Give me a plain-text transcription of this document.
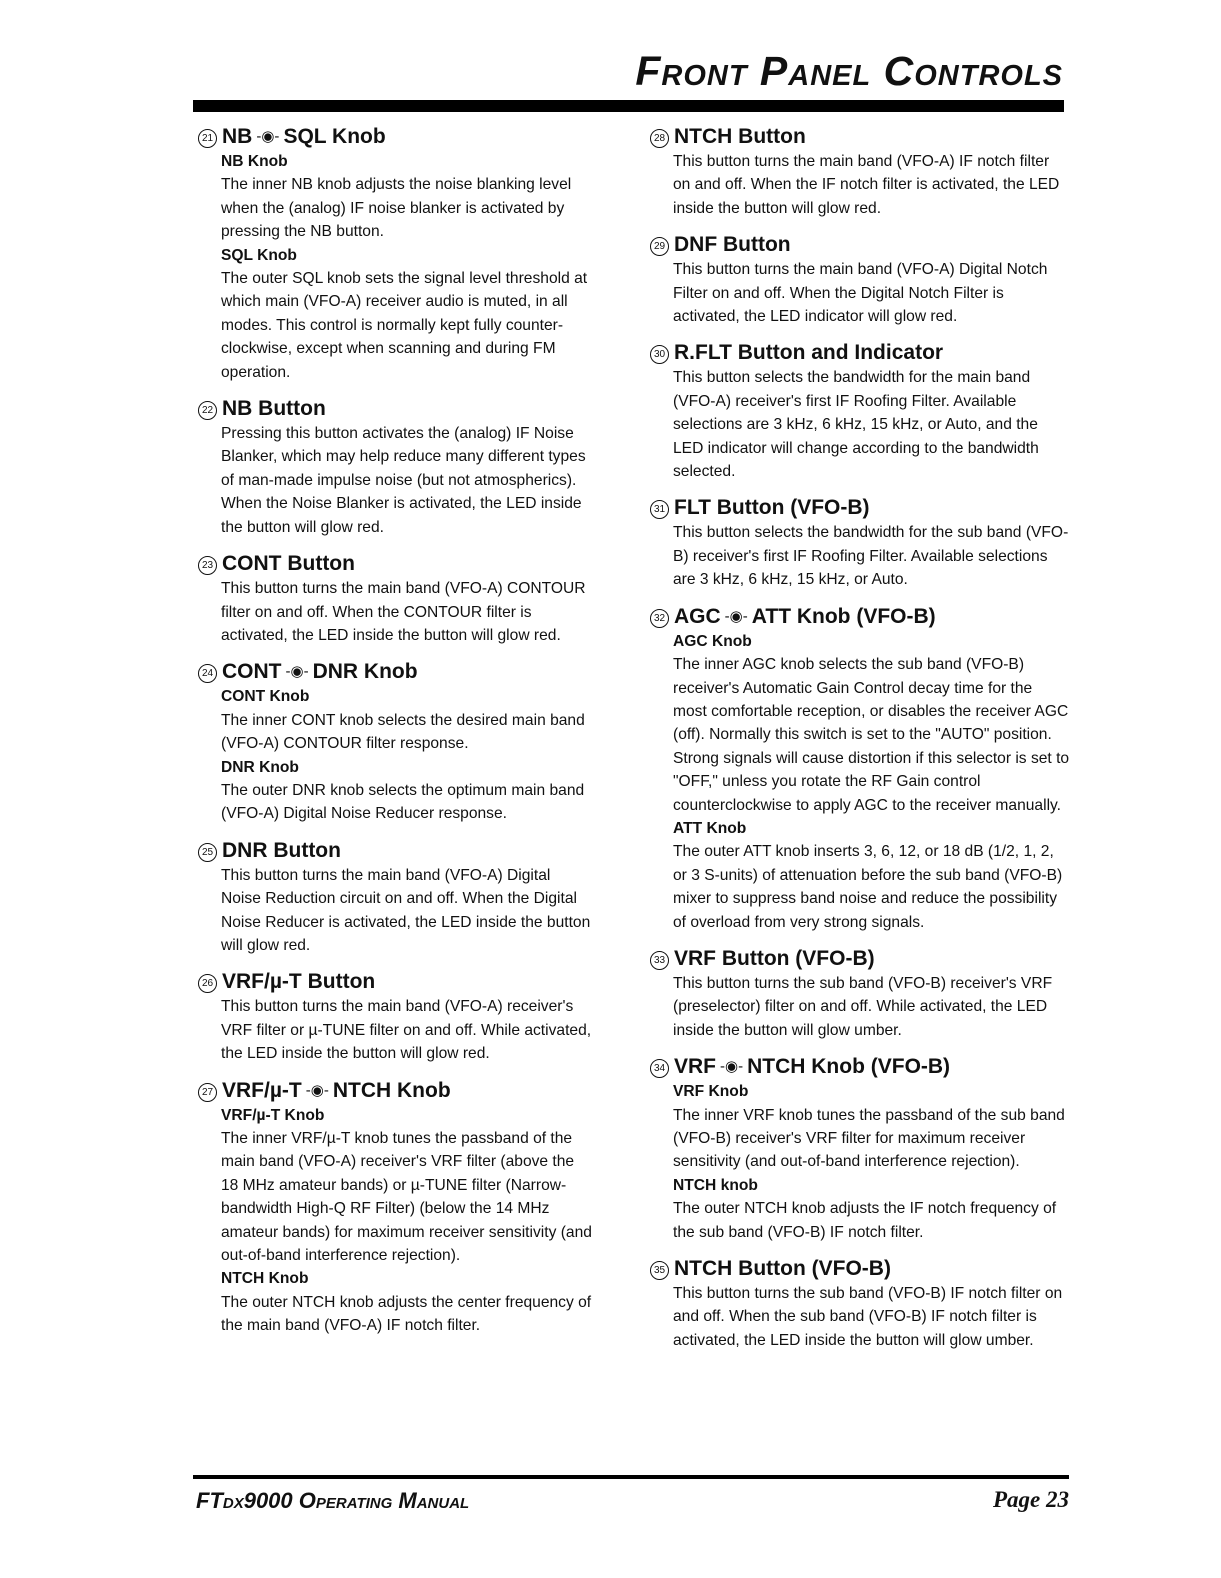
Front Panel Controls
21 NB -◉- SQL Knob
NB Knob
The inner NB knob adjusts the noise blanking level when the (analog) IF noise blanker is activated by pressing the NB button.
SQL Knob
The outer SQL knob sets the signal level threshold at which main (VFO-A) receiver audio is muted, in all modes. This control is normally kept fully counter-clockwise, except when scanning and during FM operation.
22 NB Button
Pressing this button activates the (analog) IF Noise Blanker, which may help reduce many different types of man-made impulse noise (but not atmospherics). When the Noise Blanker is activated, the LED inside the button will glow red.
23 CONT Button
This button turns the main band (VFO-A) CONTOUR filter on and off. When the CONTOUR filter is activated, the LED inside the button will glow red.
24 CONT -◉- DNR Knob
CONT Knob
The inner CONT knob selects the desired main band (VFO-A) CONTOUR filter response.
DNR Knob
The outer DNR knob selects the optimum main band (VFO-A) Digital Noise Reducer response.
25 DNR Button
This button turns the main band (VFO-A) Digital Noise Reduction circuit on and off. When the Digital Noise Reducer is activated, the LED inside the button will glow red.
26 VRF/µ-T Button
This button turns the main band (VFO-A) receiver's VRF filter or µ-TUNE filter on and off. While activated, the LED inside the button will glow red.
27 VRF/µ-T -◉- NTCH Knob
VRF/µ-T Knob
The inner VRF/µ-T knob tunes the passband of the main band (VFO-A) receiver's VRF filter (above the 18 MHz amateur bands) or µ-TUNE filter (Narrow-bandwidth High-Q RF Filter) (below the 14 MHz amateur bands) for maximum receiver sensitivity (and out-of-band interference rejection).
NTCH Knob
The outer NTCH knob adjusts the center frequency of the main band (VFO-A) IF notch filter.
28 NTCH Button
This button turns the main band (VFO-A) IF notch filter on and off. When the IF notch filter is activated, the LED inside the button will glow red.
29 DNF Button
This button turns the main band (VFO-A) Digital Notch Filter on and off. When the Digital Notch Filter is activated, the LED indicator will glow red.
30 R.FLT Button and Indicator
This button selects the bandwidth for the main band (VFO-A) receiver's first IF Roofing Filter. Available selections are 3 kHz, 6 kHz, 15 kHz, or Auto, and the LED indicator will change according to the bandwidth selected.
31 FLT Button (VFO-B)
This button selects the bandwidth for the sub band (VFO-B) receiver's first IF Roofing Filter. Available selections are 3 kHz, 6 kHz, 15 kHz, or Auto.
32 AGC -◉- ATT Knob (VFO-B)
AGC Knob
The inner AGC knob selects the sub band (VFO-B) receiver's Automatic Gain Control decay time for the most comfortable reception, or disables the receiver AGC (off). Normally this switch is set to the "AUTO" position. Strong signals will cause distortion if this selector is set to "OFF," unless you rotate the RF Gain control counterclockwise to apply AGC to the receiver manually.
ATT Knob
The outer ATT knob inserts 3, 6, 12, or 18 dB (1/2, 1, 2, or 3 S-units) of attenuation before the sub band (VFO-B) mixer to suppress band noise and reduce the possibility of overload from very strong signals.
33 VRF Button (VFO-B)
This button turns the sub band (VFO-B) receiver's VRF (preselector) filter on and off. While activated, the LED inside the button will glow umber.
34 VRF -◉- NTCH Knob (VFO-B)
VRF Knob
The inner VRF knob tunes the passband of the sub band (VFO-B) receiver's VRF filter for maximum receiver sensitivity (and out-of-band interference rejection).
NTCH knob
The outer NTCH knob adjusts the IF notch frequency of the sub band (VFO-B) IF notch filter.
35 NTCH Button (VFO-B)
This button turns the sub band (VFO-B) IF notch filter on and off. When the sub band (VFO-B) IF notch filter is activated, the LED inside the button will glow umber.
FTdx9000 Operating Manual	Page 23
